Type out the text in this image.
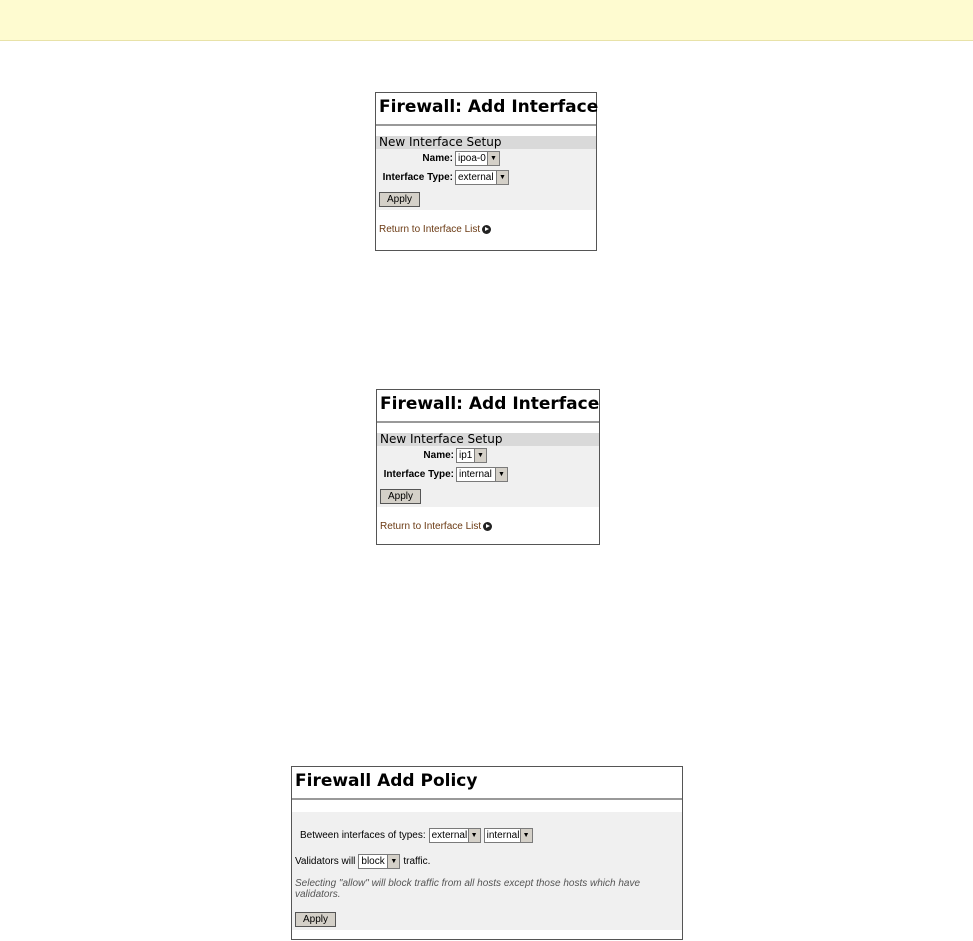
Firewall: Add Interface
New Interface Setup
Name: ipoa-0 ▼
Interface Type: external ▼
Apply
Return to Interface List
Firewall: Add Interface
New Interface Setup
Name: ip1 ▼
Interface Type: internal ▼
Apply
Return to Interface List
Firewall Add Policy
Between interfaces of types: external ▼ internal ▼
Validators will block ▼ traffic.
Selecting "allow" will block traffic from all hosts except those hosts which have validators.
Apply
